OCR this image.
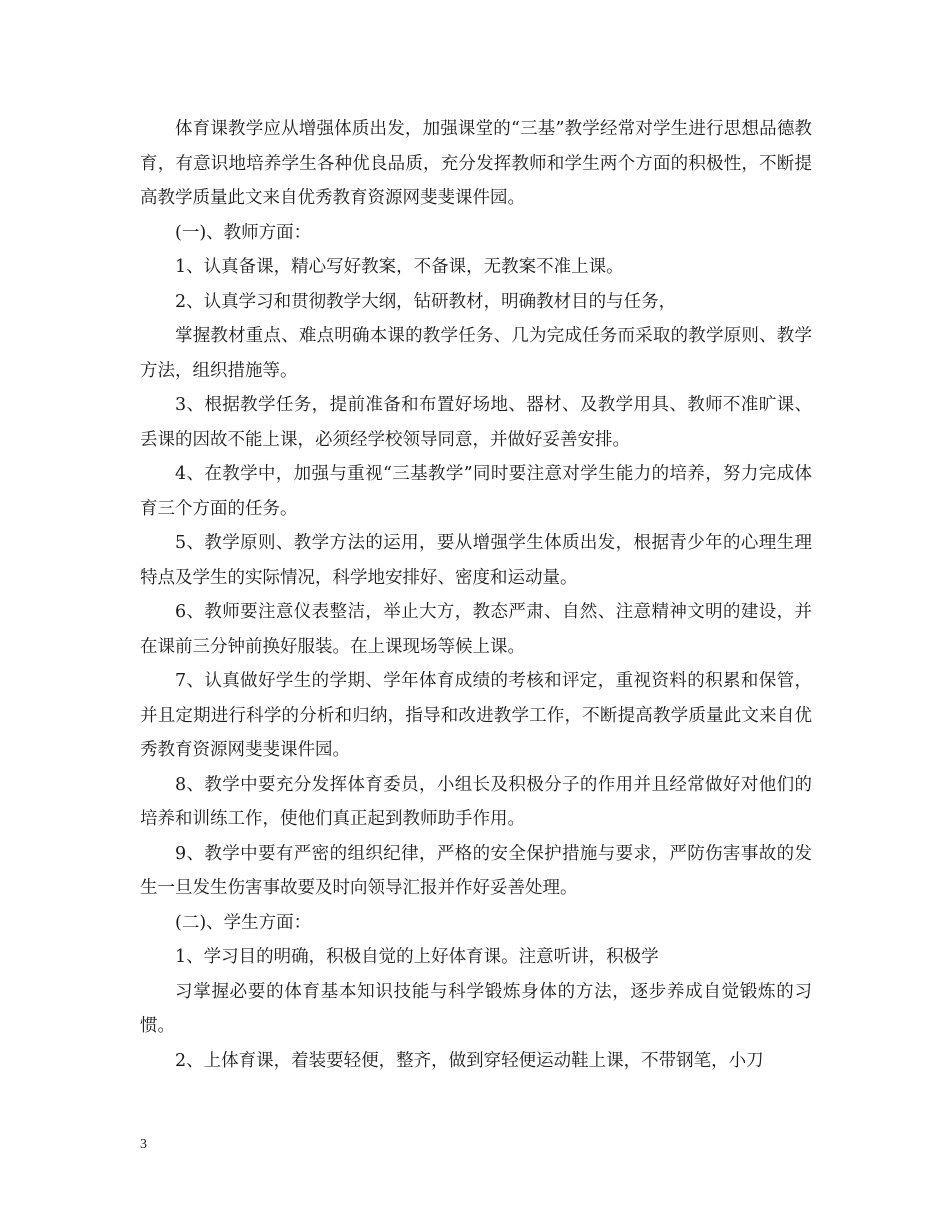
体育课教学应从增强体质出发，加强课堂的“三基”教学经常对学生进行思想品德教育，有意识地培养学生各种优良品质，充分发挥教师和学生两个方面的积极性，不断提高教学质量此文来自优秀教育资源网斐斐课件园。

(一)、教师方面：

1、认真备课，精心写好教案，不备课，无教案不准上课。

2、认真学习和贯彻教学大纲，钻研教材，明确教材目的与任务，

掌握教材重点、难点明确本课的教学任务、几为完成任务而采取的教学原则、教学方法，组织措施等。

3、根据教学任务，提前准备和布置好场地、器材、及教学用具、教师不准旷课、丢课的因故不能上课，必须经学校领导同意，并做好妥善安排。

4、在教学中，加强与重视“三基教学”同时要注意对学生能力的培养，努力完成体育三个方面的任务。

5、教学原则、教学方法的运用，要从增强学生体质出发，根据青少年的心理生理特点及学生的实际情况，科学地安排好、密度和运动量。

6、教师要注意仪表整洁，举止大方，教态严肃、自然、注意精神文明的建设，并在课前三分钟前换好服装。在上课现场等候上课。

7、认真做好学生的学期、学年体育成绩的考核和评定，重视资料的积累和保管，并且定期进行科学的分析和归纳，指导和改进教学工作，不断提高教学质量此文来自优秀教育资源网斐斐课件园。

8、教学中要充分发挥体育委员，小组长及积极分子的作用并且经常做好对他们的培养和训练工作，使他们真正起到教师助手作用。

9、教学中要有严密的组织纪律，严格的安全保护措施与要求，严防伤害事故的发生一旦发生伤害事故要及时向领导汇报并作好妥善处理。

(二)、学生方面：

1、学习目的明确，积极自觉的上好体育课。注意听讲，积极学

习掌握必要的体育基本知识技能与科学锻炼身体的方法，逐步养成自觉锻炼的习惯。

2、上体育课，着装要轻便，整齐，做到穿轻便运动鞋上课，不带钢笔，小刀

3
